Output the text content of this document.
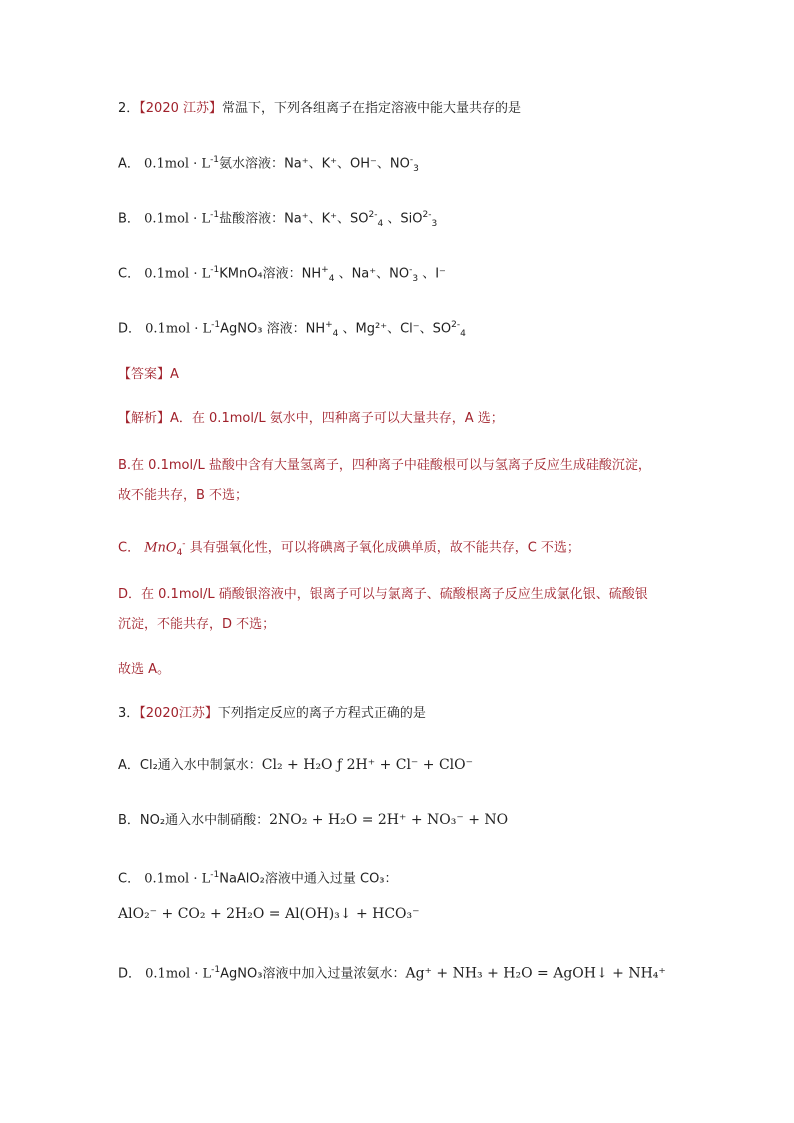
2．【2020 江苏】常温下，下列各组离子在指定溶液中能大量共存的是
A． $0.1mol \cdot L^{-1}$氨水溶液：Na⁺、K⁺、OH⁻、$NO^-_3$
B． $0.1mol \cdot L^{-1}$盐酸溶液：Na⁺、K⁺、$SO^{2-}_4$ 、SiO$^{2-}_3$
C． $0.1mol \cdot L^{-1}KMnO_4$溶液：$NH^+_4$ 、Na⁺、$NO^-_3$ 、I⁻
D． $0.1mol \cdot L^{-1}AgNO_3$ 溶液：$NH^+_4$ 、Mg²⁺、Cl⁻、$SO^{2-}_4$
【答案】A
【解析】A．在 0.1mol/L 氨水中，四种离子可以大量共存，A 选；
B.在 0.1mol/L 盐酸中含有大量氢离子，四种离子中硅酸根可以与氢离子反应生成硅酸沉淀，
故不能共存，B 不选；
C． MnO$_4$- 具有强氧化性，可以将碘离子氧化成碘单质，故不能共存，C 不选；
D．在 0.1mol/L 硝酸银溶液中，银离子可以与氯离子、硫酸根离子反应生成氯化银、硫酸银
沉淀，不能共存，D 不选；
故选 A。
3．【2020江苏】下列指定反应的离子方程式正确的是
A．Cl₂通入水中制氯水：Cl₂ + H₂O ƒ 2H⁺ + Cl⁻ + ClO⁻
B．NO₂通入水中制硝酸：2NO₂ + H₂O = 2H⁺ + NO₃⁻ + NO
C． $0.1mol \cdot L^{-1}NaAlO_2$溶液中通入过量 CO₃：
AlO₂⁻ + CO₂ + 2H₂O = Al(OH)₃↓ + HCO₃⁻
D． $0.1mol \cdot L^{-1}AgNO_3$溶液中加入过量浓氨水：Ag⁺ + NH₃ + H₂O = AgOH↓ + NH₄⁺
